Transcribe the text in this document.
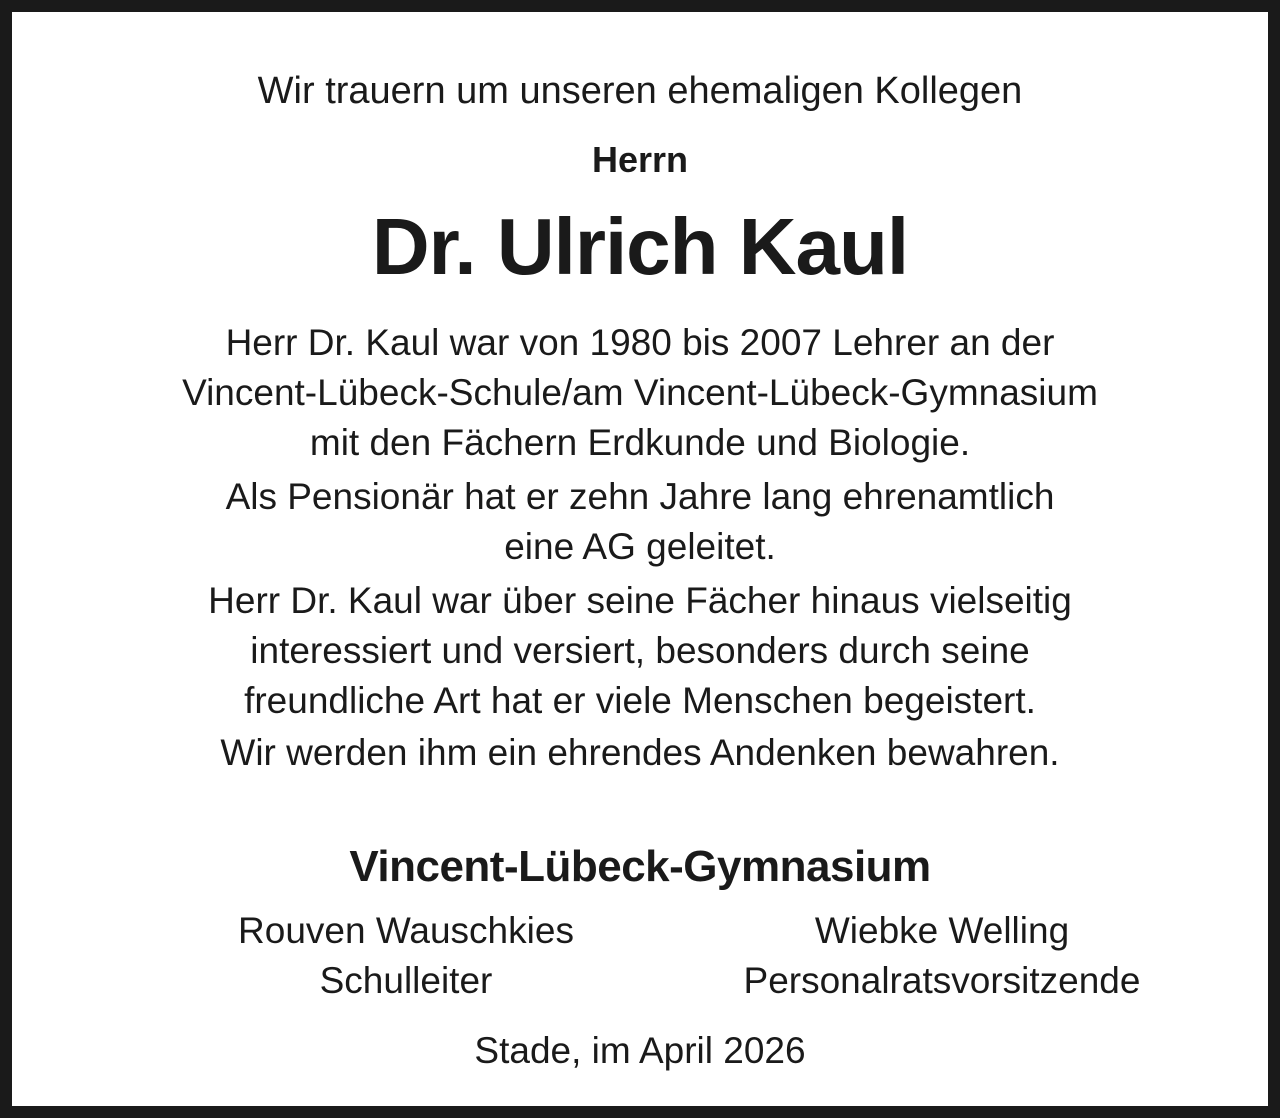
Wir trauern um unseren ehemaligen Kollegen
Herrn
Dr. Ulrich Kaul
Herr Dr. Kaul war von 1980 bis 2007 Lehrer an der
Vincent-Lübeck-Schule/am Vincent-Lübeck-Gymnasium
mit den Fächern Erdkunde und Biologie.
Als Pensionär hat er zehn Jahre lang ehrenamtlich
eine AG geleitet.
Herr Dr. Kaul war über seine Fächer hinaus vielseitig
interessiert und versiert, besonders durch seine
freundliche Art hat er viele Menschen begeistert.
Wir werden ihm ein ehrendes Andenken bewahren.
Vincent-Lübeck-Gymnasium
Rouven Wauschkies
Schulleiter
Wiebke Welling
Personalratsvorsitzende
Stade, im April 2026
